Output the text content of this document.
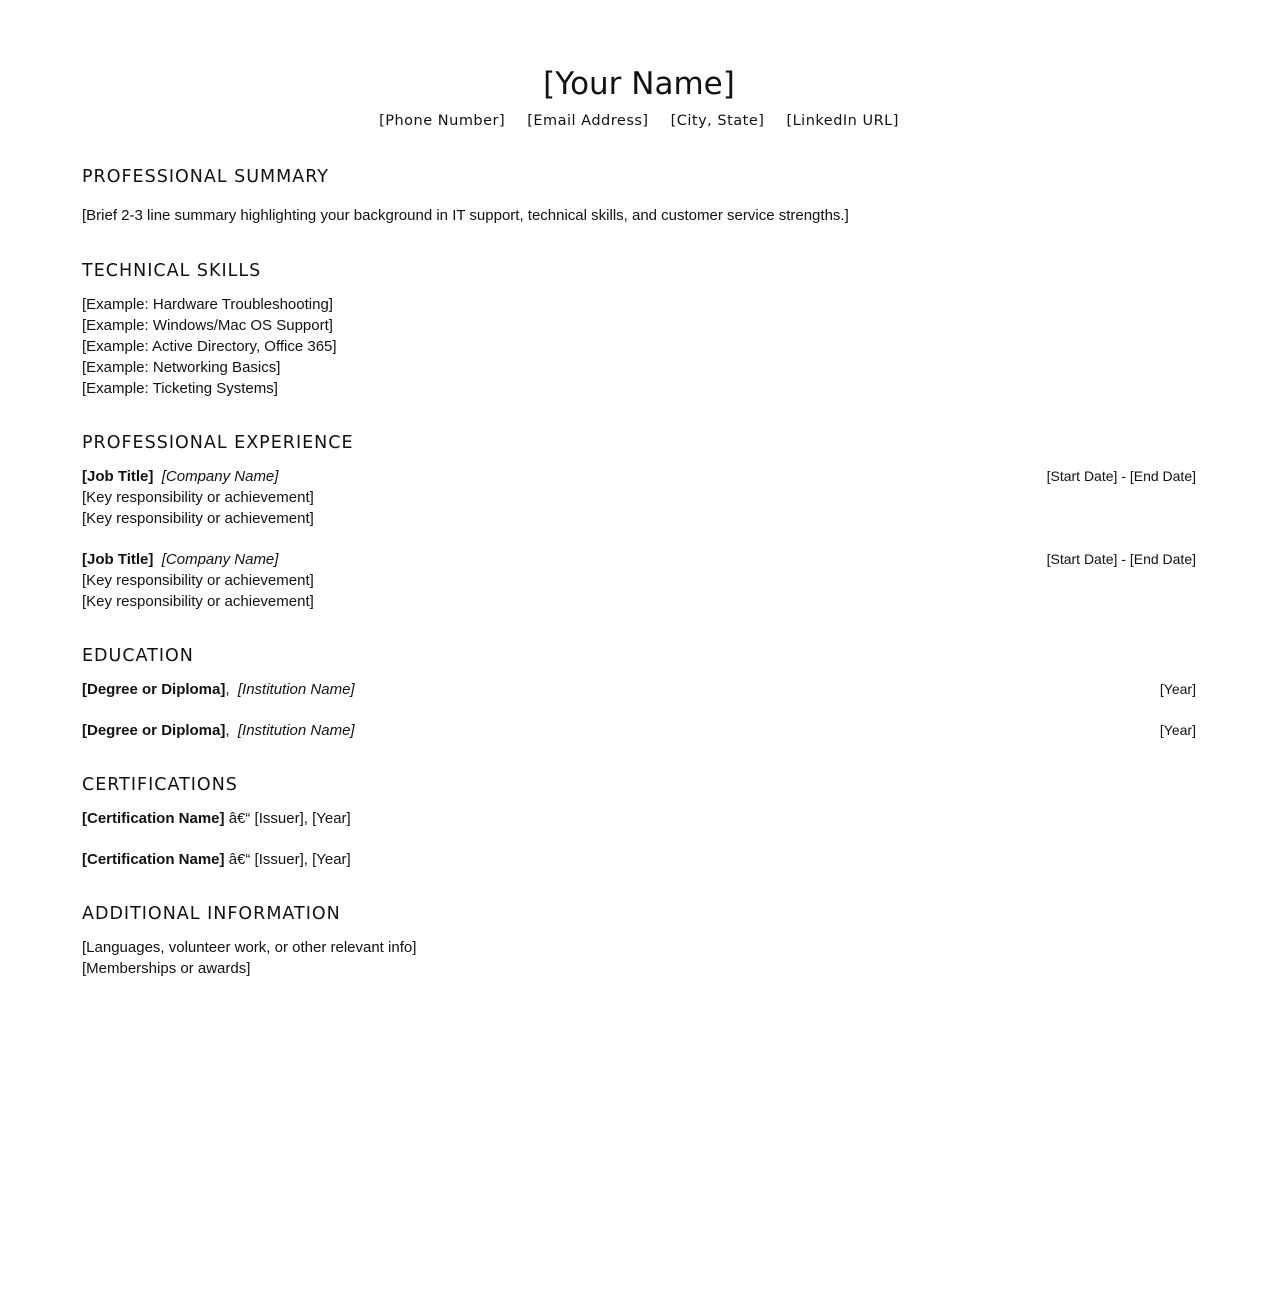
[Your Name]
[Phone Number] [Email Address] [City, State] [LinkedIn URL]
PROFESSIONAL SUMMARY
[Brief 2-3 line summary highlighting your background in IT support, technical skills, and customer service strengths.]
TECHNICAL SKILLS
[Example: Hardware Troubleshooting]
[Example: Windows/Mac OS Support]
[Example: Active Directory, Office 365]
[Example: Networking Basics]
[Example: Ticketing Systems]
PROFESSIONAL EXPERIENCE
[Job Title] [Company Name]	[Start Date] - [End Date]
[Key responsibility or achievement]
[Key responsibility or achievement]
[Job Title] [Company Name]	[Start Date] - [End Date]
[Key responsibility or achievement]
[Key responsibility or achievement]
EDUCATION
[Degree or Diploma], [Institution Name]	[Year]
[Degree or Diploma], [Institution Name]	[Year]
CERTIFICATIONS
[Certification Name] â€“ [Issuer], [Year]
[Certification Name] â€“ [Issuer], [Year]
ADDITIONAL INFORMATION
[Languages, volunteer work, or other relevant info]
[Memberships or awards]
